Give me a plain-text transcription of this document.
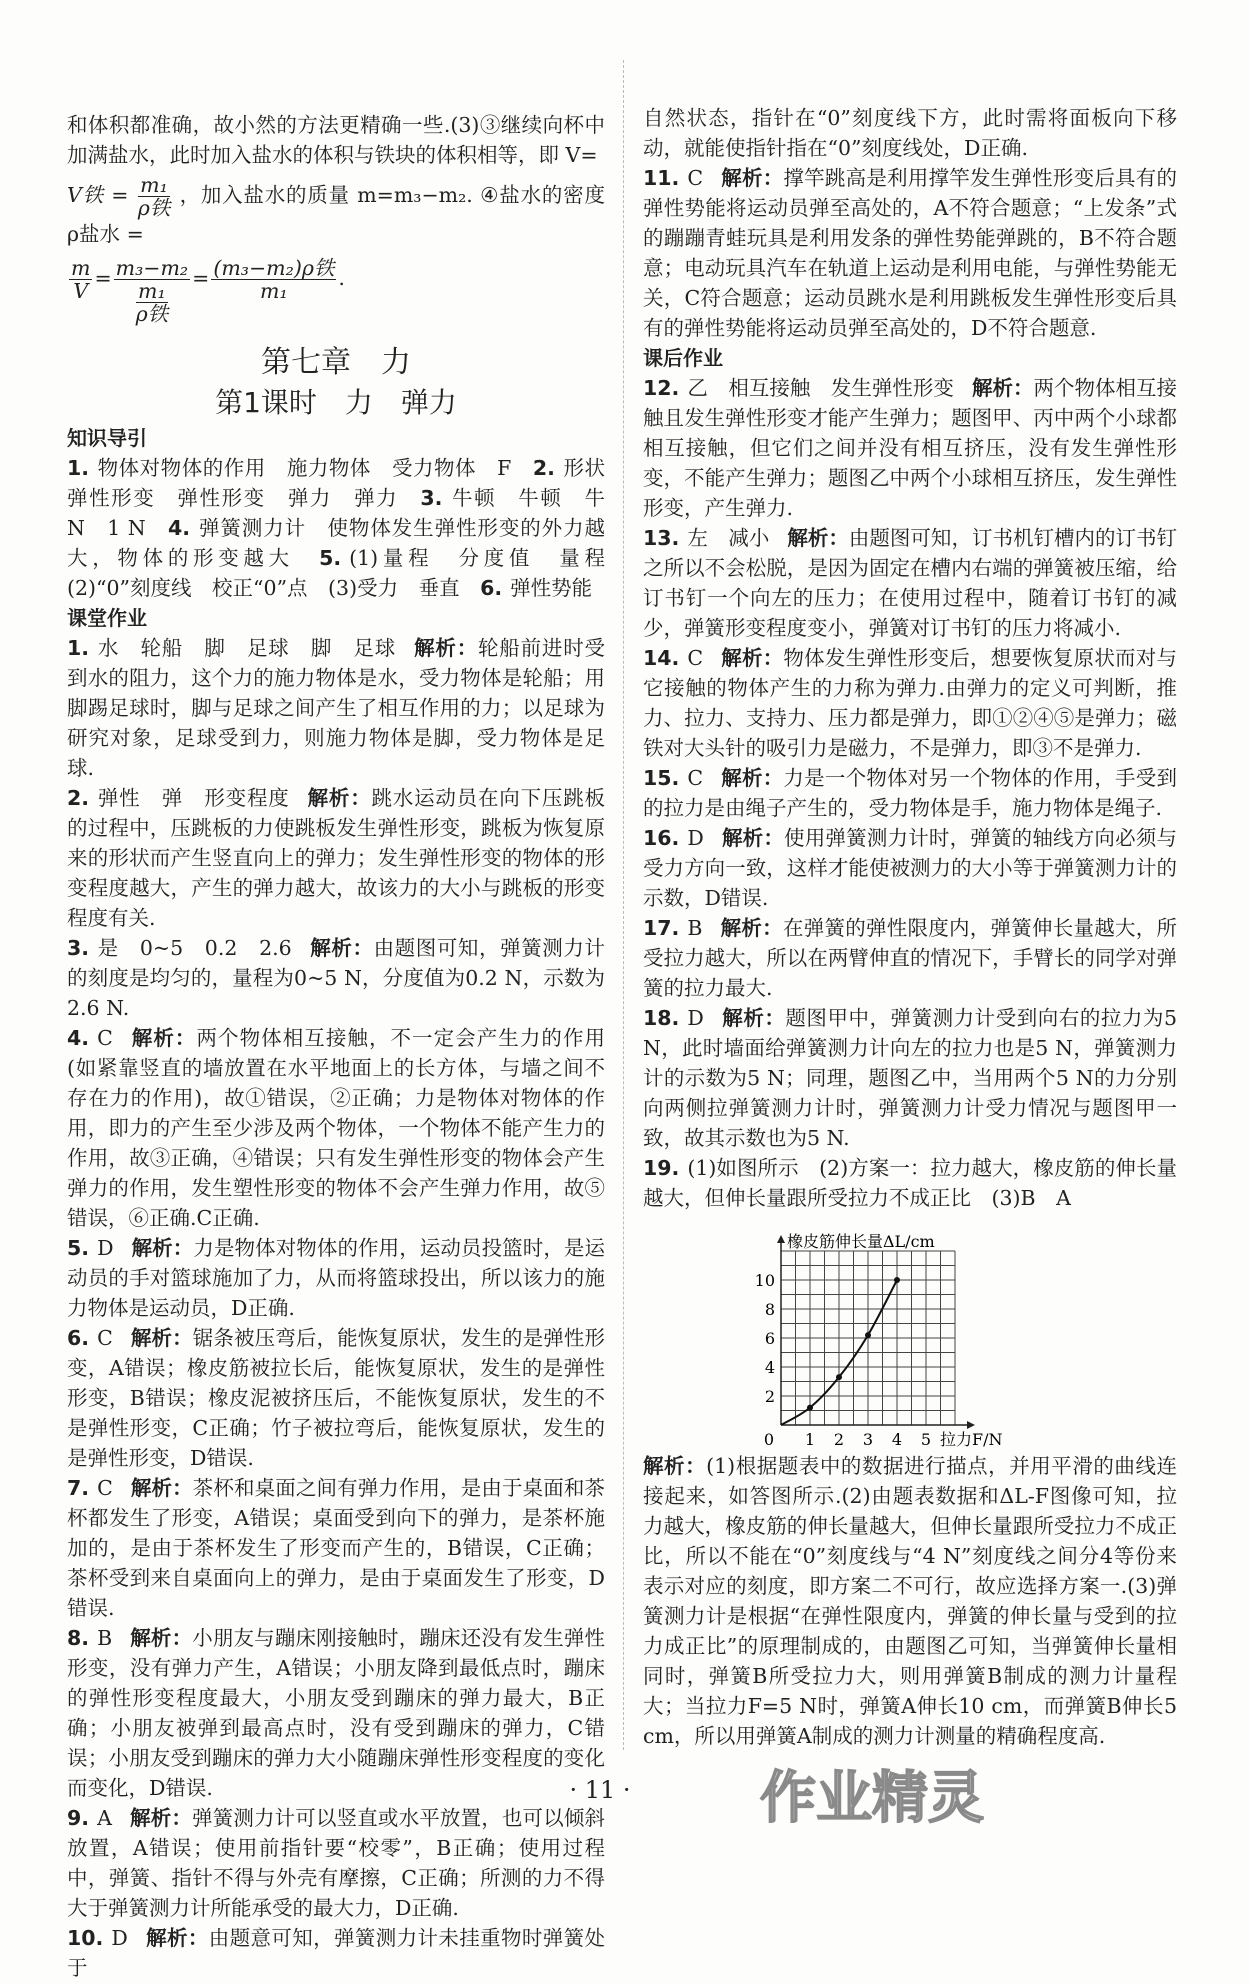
和体积都准确，故小然的方法更精确一些.(3)③继续向杯中加满盐水，此时加入盐水的体积与铁块的体积相等，即 V=

V铁 = $\frac{\text{m₁}}{\text{ρ铁}}$ ，加入盐水的质量 m=m₃−m₂. ④盐水的密度 ρ盐水 =

$\frac{m}{V} = \frac{\text{m₃−m₂}}{\frac{\text{m₁}}{\text{ρ铁}}} = \frac{\text{(m₃−m₂)ρ铁}}{\text{m₁}}$ .

第七章　力
第1课时　力　弹力
知识导引

1. 物体对物体的作用　施力物体　受力物体　F　 2. 形状　弹性形变　弹性形变　弹力　弹力　 3. 牛顿　牛顿　牛　N　1 N　 4. 弹簧测力计　使物体发生弹性形变的外力越大，物体的形变越大　 5. (1)量程　分度值　量程　(2)“0”刻度线　校正“0”点　(3)受力　垂直　 6. 弹性势能

课堂作业

1. 水　轮船　脚　足球　脚　足球 解析：轮船前进时受到水的阻力，这个力的施力物体是水，受力物体是轮船；用脚踢足球时，脚与足球之间产生了相互作用的力；以足球为研究对象，足球受到力，则施力物体是脚，受力物体是足球.

2. 弹性　弹　形变程度 解析：跳水运动员在向下压跳板的过程中，压跳板的力使跳板发生弹性形变，跳板为恢复原来的形状而产生竖直向上的弹力；发生弹性形变的物体的形变程度越大，产生的弹力越大，故该力的大小与跳板的形变程度有关.

3. 是　0~5　0.2　2.6 解析：由题图可知，弹簧测力计的刻度是均匀的，量程为0~5 N，分度值为0.2 N，示数为2.6 N.

4. C 解析：两个物体相互接触，不一定会产生力的作用(如紧靠竖直的墙放置在水平地面上的长方体，与墙之间不存在力的作用)，故①错误，②正确；力是物体对物体的作用，即力的产生至少涉及两个物体，一个物体不能产生力的作用，故③正确，④错误；只有发生弹性形变的物体会产生弹力的作用，发生塑性形变的物体不会产生弹力作用，故⑤错误，⑥正确.C正确.

5. D 解析：力是物体对物体的作用，运动员投篮时，是运动员的手对篮球施加了力，从而将篮球投出，所以该力的施力物体是运动员，D正确.

6. C 解析：锯条被压弯后，能恢复原状，发生的是弹性形变，A错误；橡皮筋被拉长后，能恢复原状，发生的是弹性形变，B错误；橡皮泥被挤压后，不能恢复原状，发生的不是弹性形变，C正确；竹子被拉弯后，能恢复原状，发生的是弹性形变，D错误.

7. C 解析：茶杯和桌面之间有弹力作用，是由于桌面和茶杯都发生了形变，A错误；桌面受到向下的弹力，是茶杯施加的，是由于茶杯发生了形变而产生的，B错误，C正确；茶杯受到来自桌面向上的弹力，是由于桌面发生了形变，D错误.

8. B 解析：小朋友与蹦床刚接触时，蹦床还没有发生弹性形变，没有弹力产生，A错误；小朋友降到最低点时，蹦床的弹性形变程度最大，小朋友受到蹦床的弹力最大，B正确；小朋友被弹到最高点时，没有受到蹦床的弹力，C错误；小朋友受到蹦床的弹力大小随蹦床弹性形变程度的变化而变化，D错误.

9. A 解析：弹簧测力计可以竖直或水平放置，也可以倾斜放置，A错误；使用前指针要“校零”，B正确；使用过程中，弹簧、指针不得与外壳有摩擦，C正确；所测的力不得大于弹簧测力计所能承受的最大力，D正确.

10. D 解析：由题意可知，弹簧测力计未挂重物时弹簧处于

自然状态，指针在“0”刻度线下方，此时需将面板向下移动，就能使指针指在“0”刻度线处，D正确.

11. C 解析：撑竿跳高是利用撑竿发生弹性形变后具有的弹性势能将运动员弹至高处的，A不符合题意；“上发条”式的蹦蹦青蛙玩具是利用发条的弹性势能弹跳的，B不符合题意；电动玩具汽车在轨道上运动是利用电能，与弹性势能无关，C符合题意；运动员跳水是利用跳板发生弹性形变后具有的弹性势能将运动员弹至高处的，D不符合题意.

课后作业

12. 乙　相互接触　发生弹性形变 解析：两个物体相互接触且发生弹性形变才能产生弹力；题图甲、丙中两个小球都相互接触，但它们之间并没有相互挤压，没有发生弹性形变，不能产生弹力；题图乙中两个小球相互挤压，发生弹性形变，产生弹力.

13. 左　减小 解析：由题图可知，订书机钉槽内的订书钉之所以不会松脱，是因为固定在槽内右端的弹簧被压缩，给订书钉一个向左的压力；在使用过程中，随着订书钉的减少，弹簧形变程度变小，弹簧对订书钉的压力将减小.

14. C 解析：物体发生弹性形变后，想要恢复原状而对与它接触的物体产生的力称为弹力.由弹力的定义可判断，推力、拉力、支持力、压力都是弹力，即①②④⑤是弹力；磁铁对大头针的吸引力是磁力，不是弹力，即③不是弹力.

15. C 解析：力是一个物体对另一个物体的作用，手受到的拉力是由绳子产生的，受力物体是手，施力物体是绳子.

16. D 解析：使用弹簧测力计时，弹簧的轴线方向必须与受力方向一致，这样才能使被测力的大小等于弹簧测力计的示数，D错误.

17. B 解析：在弹簧的弹性限度内，弹簧伸长量越大，所受拉力越大，所以在两臂伸直的情况下，手臂长的同学对弹簧的拉力最大.

18. D 解析：题图甲中，弹簧测力计受到向右的拉力为5 N，此时墙面给弹簧测力计向左的拉力也是5 N，弹簧测力计的示数为5 N；同理，题图乙中，当用两个5 N的力分别向两侧拉弹簧测力计时，弹簧测力计受力情况与题图甲一致，故其示数也为5 N.

19. (1)如图所示　(2)方案一：拉力越大，橡皮筋的伸长量越大，但伸长量跟所受拉力不成正比　(3)B　A

0 1 2 3 4 5
2
4
6
8
10
拉力F/N
橡皮筋伸长量ΔL/cm

解析：(1)根据题表中的数据进行描点，并用平滑的曲线连接起来，如答图所示.(2)由题表数据和ΔL-F图像可知，拉力越大，橡皮筋的伸长量越大，但伸长量跟所受拉力不成正比，所以不能在“0”刻度线与“4 N”刻度线之间分4等份来表示对应的刻度，即方案二不可行，故应选择方案一.(3)弹簧测力计是根据“在弹性限度内，弹簧的伸长量与受到的拉力成正比”的原理制成的，由题图乙可知，当弹簧伸长量相同时，弹簧B所受拉力大，则用弹簧B制成的测力计量程大；当拉力F=5 N时，弹簧A伸长10 cm，而弹簧B伸长5 cm，所以用弹簧A制成的测力计测量的精确程度高.

· 11 · 作业精灵
